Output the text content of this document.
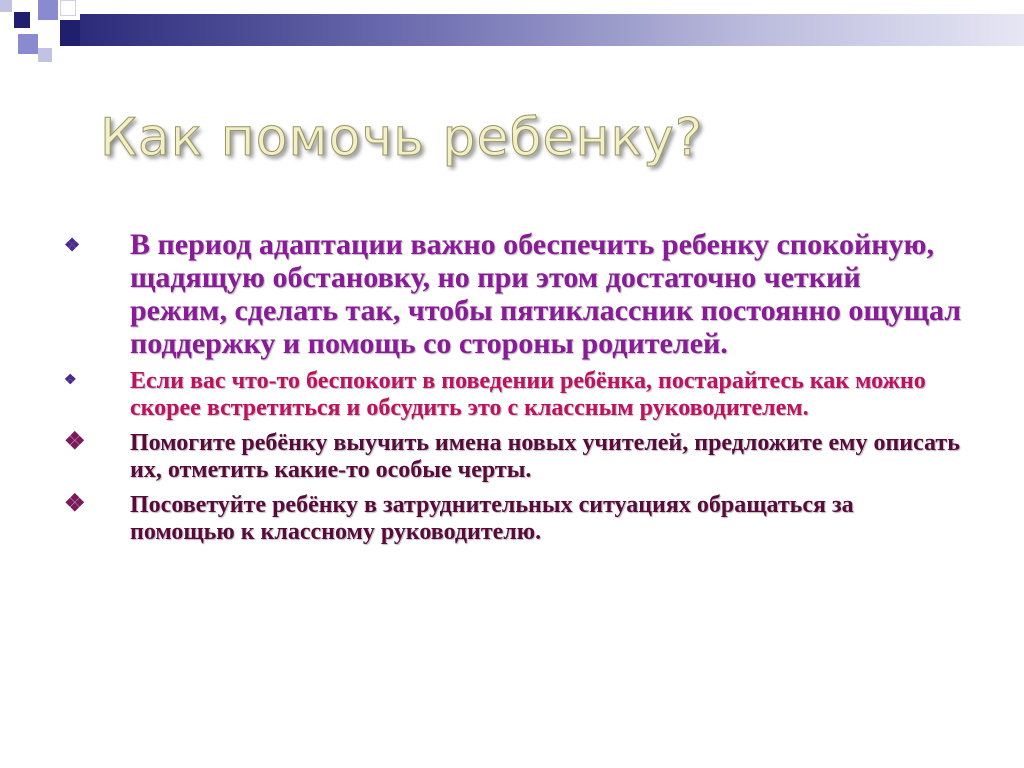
Как помочь ребенку?
❖ В период адаптации важно обеспечить ребенку спокойную, щадящую обстановку, но при этом достаточно четкий режим, сделать так, чтобы пятиклассник постоянно ощущал поддержку и помощь со стороны родителей.
❖ Если вас что-то беспокоит в поведении ребёнка, постарайтесь как можно скорее встретиться и обсудить это с классным руководителем.
❖ Помогите ребёнку выучить имена новых учителей, предложите ему описать их, отметить какие-то особые черты.
❖ Посоветуйте ребёнку в затруднительных ситуациях обращаться за помощью к классному руководителю.
